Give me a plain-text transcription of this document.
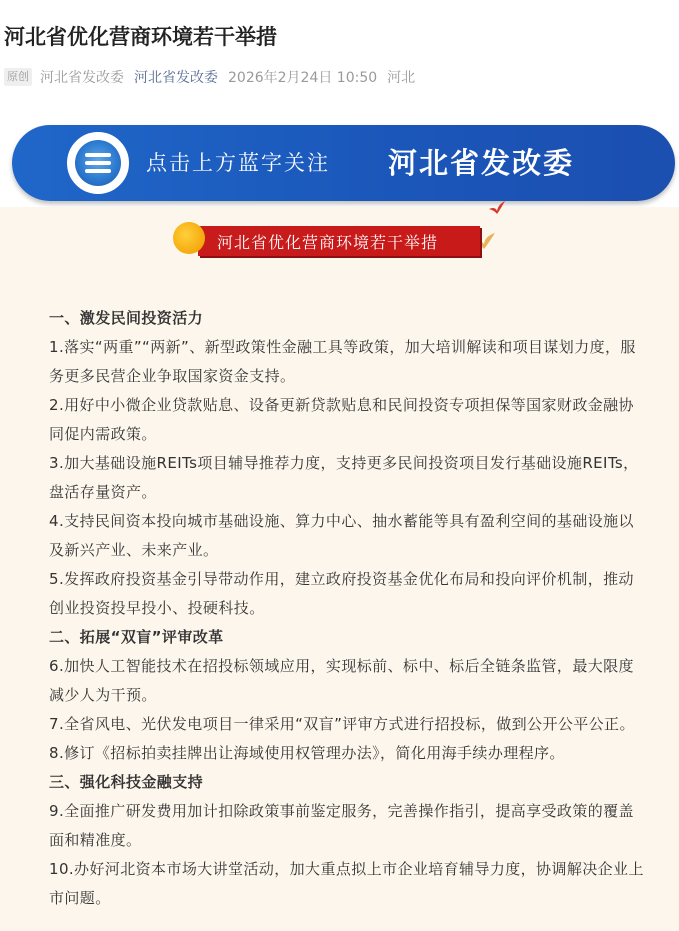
河北省优化营商环境若干举措
原创 河北省发改委 河北省发改委 2026年2月24日 10:50 河北
点击上方蓝字关注 河北省发改委
河北省优化营商环境若干举措

一、激发民间投资活力

1.落实“两重”“两新”、新型政策性金融工具等政策，加大培训解读和项目谋划力度，服务更多民营企业争取国家资金支持。

2.用好中小微企业贷款贴息、设备更新贷款贴息和民间投资专项担保等国家财政金融协同促内需政策。

3.加大基础设施REITs项目辅导推荐力度，支持更多民间投资项目发行基础设施REITs，盘活存量资产。

4.支持民间资本投向城市基础设施、算力中心、抽水蓄能等具有盈利空间的基础设施以及新兴产业、未来产业。

5.发挥政府投资基金引导带动作用，建立政府投资基金优化布局和投向评价机制，推动创业投资投早投小、投硬科技。

二、拓展“双盲”评审改革

6.加快人工智能技术在招投标领域应用，实现标前、标中、标后全链条监管，最大限度减少人为干预。

7.全省风电、光伏发电项目一律采用“双盲”评审方式进行招投标，做到公开公平公正。

8.修订《招标拍卖挂牌出让海域使用权管理办法》，简化用海手续办理程序。

三、强化科技金融支持

9.全面推广研发费用加计扣除政策事前鉴定服务，完善操作指引，提高享受政策的覆盖面和精准度。

10.办好河北资本市场大讲堂活动，加大重点拟上市企业培育辅导力度，协调解决企业上市问题。
